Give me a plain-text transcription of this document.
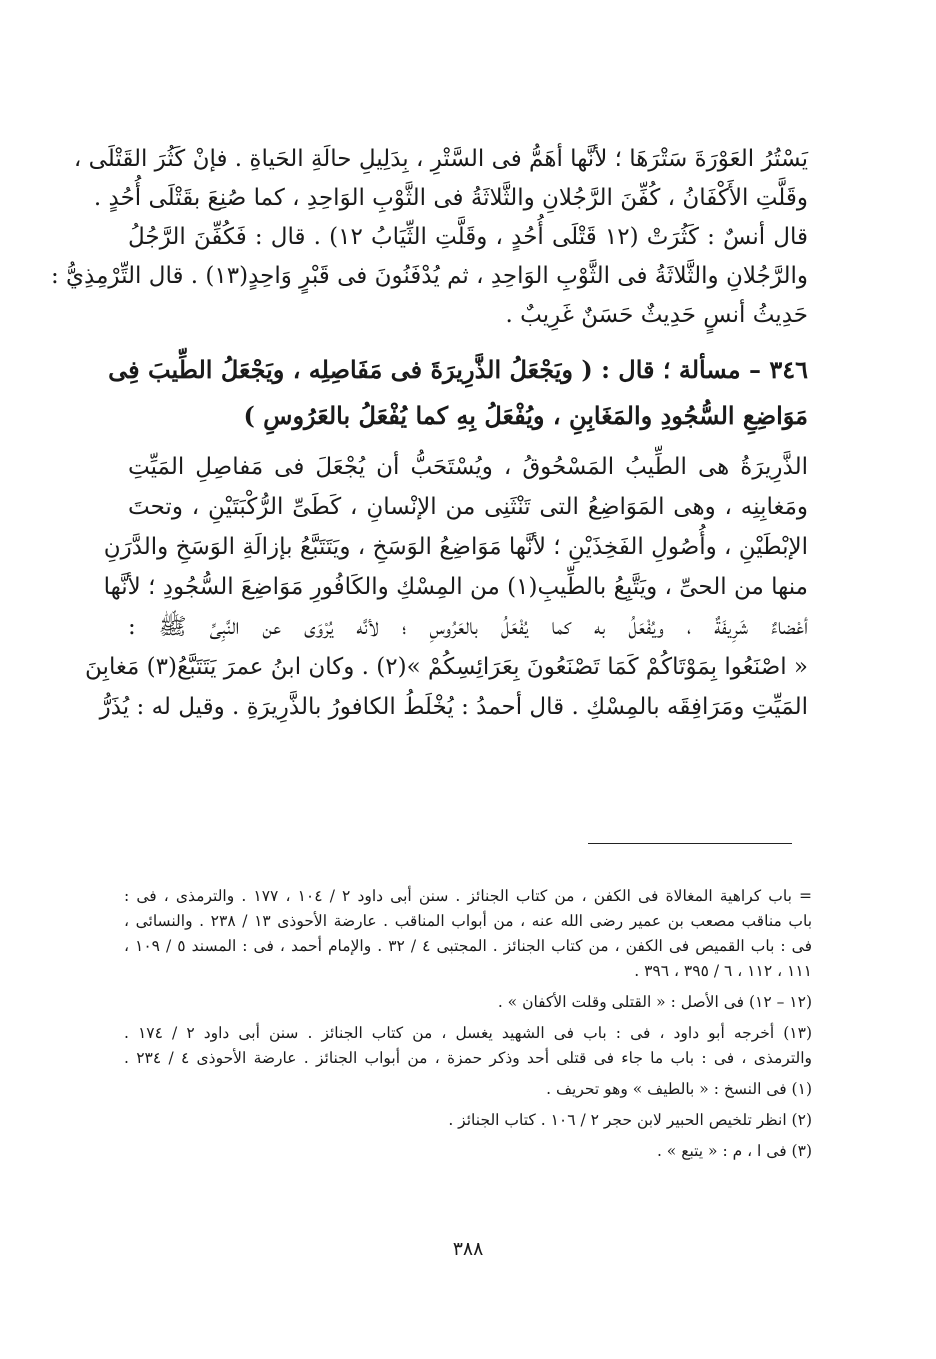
يَسْتُرُ العَوْرَةَ سَتْرَهَا ؛ لأنَّها أهَمُّ فى السَّتْرِ ، بِدَلِيلِ حالَةِ الحَياةِ . فإنْ كَثُرَ القَتْلَى ،
وقَلَّتِ الأَكْفَانُ ، كُفِّنَ الرَّجُلانِ والثَّلاثَةُ فى الثَّوْبِ الوَاحِدِ ، كما صُنِعَ بقَتْلَى أُحُدٍ .
قال أنسٌ : كَثُرَتْ (١٢ قَتْلَى أُحُدٍ ، وقَلَّتِ الثِّيَابُ ١٢) . قال : فَكُفِّنَ الرَّجُلُ
والرَّجُلانِ والثَّلاثَةُ فى الثَّوْبِ الوَاحِدِ ، ثم يُدْفَنُونَ فى قَبْرٍ وَاحِدٍ(١٣) . قال التِّرْمِذِيُّ :
حَدِيثُ أنسٍ حَدِيثٌ حَسَنٌ غَرِيبٌ .
٣٤٦ – مسألة ؛ قال : ( ويَجْعَلُ الذَّرِيرَةَ فى مَفَاصِلِه ، ويَجْعَلُ الطِّيبَ فِى
مَوَاضِعِ السُّجُودِ والمَغَابِنِ ، ويُفْعَلُ بِهِ كما يُفْعَلُ بالعَرُوسِ )
الذَّرِيرَةُ هى الطِّيبُ المَسْحُوقُ ، ويُسْتَحَبُّ أن يُجْعَلَ فى مَفاصِلِ المَيِّتِ
ومَغابِنِه ، وهى المَوَاضِعُ التى تَنْثَنِى من الإنْسانِ ، كَطَىِّ الرُّكْبَتَيْنِ ، وتحتَ
الإبْطَيْنِ ، وأُصُولِ الفَخِذَيْنِ ؛ لأنَّها مَوَاضِعُ الوَسَخِ ، ويَتَتَبَّعُ بإزالَةِ الوَسَخِ والدَّرَنِ
منها من الحىِّ ، ويَتَّبِعُ بالطِّيبِ(١) من المِسْكِ والكَافُورِ مَوَاضِعَ السُّجُودِ ؛ لأنَّها
أعْضاءٌ شَرِيفَةٌ ، ويُفْعَلُ به كما يُفْعَلُ بالعَرُوسِ ؛ لأنَّه يُرْوَى عن النَّبِىِّ ﷺ :
« اصْنَعُوا بِمَوْتَاكُمْ كَمَا تَصْنَعُونَ بِعَرَائِسِكُمْ »(٢) . وكان ابنُ عمرَ يَتَتَبَّعُ(٣) مَغابِنَ
المَيِّتِ ومَرَافِقَه بالمِسْكِ . قال أحمدُ : يُخْلَطُ الكافورُ بالذَّرِيرَةِ . وقيل له : يُذَرُّ
= باب كراهية المغالاة فى الكفن ، من كتاب الجنائز . سنن أبى داود ٢ / ١٠٤ ، ١٧٧ . والترمذى ، فى :
باب مناقب مصعب بن عمير رضى الله عنه ، من أبواب المناقب . عارضة الأحوذى ١٣ / ٢٣٨ . والنسائى ،
فى : باب القميص فى الكفن ، من كتاب الجنائز . المجتبى ٤ / ٣٢ . والإمام أحمد ، فى : المسند ٥ / ١٠٩ ،
١١١ ، ١١٢ ، ٦ / ٣٩٥ ، ٣٩٦ .
(١٢ – ١٢) فى الأصل : « القتلى وقلت الأكفان » .
(١٣) أخرجه أبو داود ، فى : باب فى الشهيد يغسل ، من كتاب الجنائز . سنن أبى داود ٢ / ١٧٤ .
والترمذى ، فى : باب ما جاء فى قتلى أحد وذكر حمزة ، من أبواب الجنائز . عارضة الأحوذى ٤ / ٢٣٤ .
(١) فى النسخ : « بالطيف » وهو تحريف .
(٢) انظر تلخيص الحبير لابن حجر ٢ / ١٠٦ . كتاب الجنائز .
(٣) فى ا ، م : « يتبع » .
٣٨٨
